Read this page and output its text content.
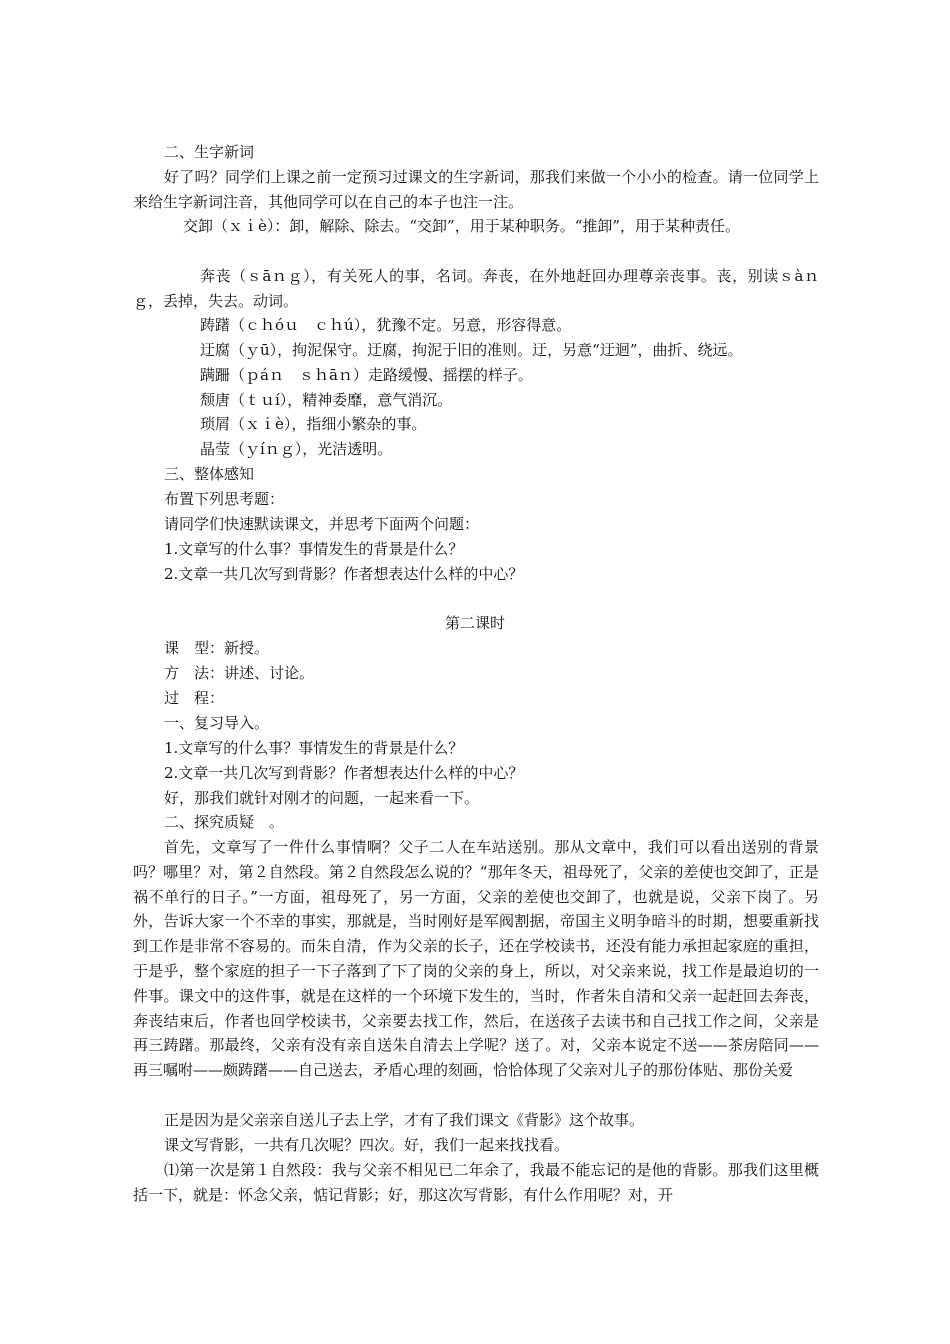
二、生字新词
好了吗？同学们上课之前一定预习过课文的生字新词，那我们来做一个小小的检查。请一位同学上来给生字新词注音，其他同学可以在自己的本子也注一注。
交卸（ｘｉè）：卸，解除、除去。“交卸”，用于某种职务。“推卸”，用于某种责任。
奔丧（ｓāｎｇ），有关死人的事，名词。奔丧，在外地赶回办理尊亲丧事。丧，别读ｓàｎｇ，丢掉，失去。动词。
踌躇（ｃｈóｕ　ｃｈú），犹豫不定。另意，形容得意。
迂腐（ｙū），拘泥保守。迂腐，拘泥于旧的准则。迂，另意“迂迴”，曲折、绕远。
蹒跚（ｐáｎ　ｓｈāｎ）走路缓慢、摇摆的样子。
颓唐（ｔｕí），精神委靡，意气消沉。
琐屑（ｘｉè），指细小繁杂的事。
晶莹（ｙíｎｇ），光洁透明。
三、整体感知
布置下列思考题：
请同学们快速默读课文，并思考下面两个问题：
1.文章写的什么事？事情发生的背景是什么？
2.文章一共几次写到背影？作者想表达什么样的中心？
第二课时
课　型：新授。
方　法：讲述、讨论。
过　程：
一、复习导入。
1.文章写的什么事？事情发生的背景是什么？
2.文章一共几次写到背影？作者想表达什么样的中心？
好，那我们就针对刚才的问题，一起来看一下。
二、探究质疑　。
首先，文章写了一件什么事情啊？父子二人在车站送别。那从文章中，我们可以看出送别的背景吗？哪里？对，第２自然段。第２自然段怎么说的？“那年冬天，祖母死了，父亲的差使也交卸了，正是祸不单行的日子。”一方面，祖母死了，另一方面，父亲的差使也交卸了，也就是说，父亲下岗了。另外，告诉大家一个不幸的事实，那就是，当时刚好是军阀割据，帝国主义明争暗斗的时期，想要重新找到工作是非常不容易的。而朱自清，作为父亲的长子，还在学校读书，还没有能力承担起家庭的重担，于是乎，整个家庭的担子一下子落到了下了岗的父亲的身上，所以，对父亲来说，找工作是最迫切的一件事。课文中的这件事，就是在这样的一个环境下发生的，当时，作者朱自清和父亲一起赶回去奔丧，奔丧结束后，作者也回学校读书，父亲要去找工作，然后，在送孩子去读书和自己找工作之间，父亲是再三踌躇。那最终，父亲有没有亲自送朱自清去上学呢？送了。对，父亲本说定不送——茶房陪同——再三嘱咐——颇踌躇——自己送去，矛盾心理的刻画，恰恰体现了父亲对儿子的那份体贴、那份关爱
正是因为是父亲亲自送儿子去上学，才有了我们课文《背影》这个故事。
课文写背影，一共有几次呢？四次。好，我们一起来找找看。
⑴第一次是第１自然段：我与父亲不相见已二年余了，我最不能忘记的是他的背影。那我们这里概括一下，就是：怀念父亲，惦记背影；好，那这次写背影，有什么作用呢？对，开
